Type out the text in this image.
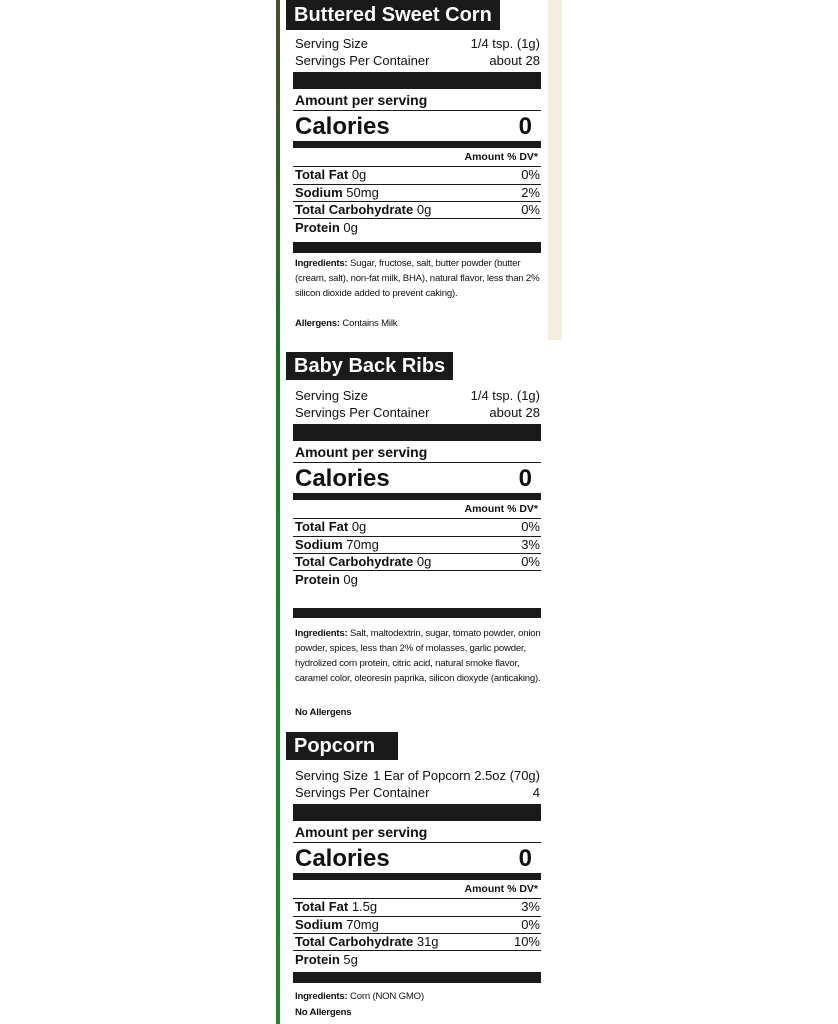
Buttered Sweet Corn
Serving Size	1/4 tsp. (1g)
Servings Per Container	about 28
Amount per serving
Calories	0
Amount % DV*
Total Fat 0g	0%
Sodium 50mg	2%
Total Carbohydrate 0g	0%
Protein 0g
Ingredients: Sugar, fructose, salt, butter powder (butter (cream, salt), non-fat milk, BHA), natural flavor, less than 2% silicon dioxide added to prevent caking).
Allergens: Contains Milk
Baby Back Ribs
Serving Size	1/4 tsp. (1g)
Servings Per Container	about 28
Amount per serving
Calories	0
Amount % DV*
Total Fat 0g	0%
Sodium 70mg	3%
Total Carbohydrate 0g	0%
Protein 0g
Ingredients: Salt, maltodextrin, sugar, tomato powder, onion powder, spices, less than 2% of molasses, garlic powder, hydrolized corn protein, citric acid, natural smoke flavor, caramel color, oleoresin paprika, silicon dioxyde (anticaking).
No Allergens
Popcorn
Serving Size 1 Ear of Popcorn 2.5oz (70g)
Servings Per Container	4
Amount per serving
Calories	0
Amount % DV*
Total Fat 1.5g	3%
Sodium 70mg	0%
Total Carbohydrate 31g	10%
Protein 5g
Ingredients: Corn (NON GMO)
No Allergens
